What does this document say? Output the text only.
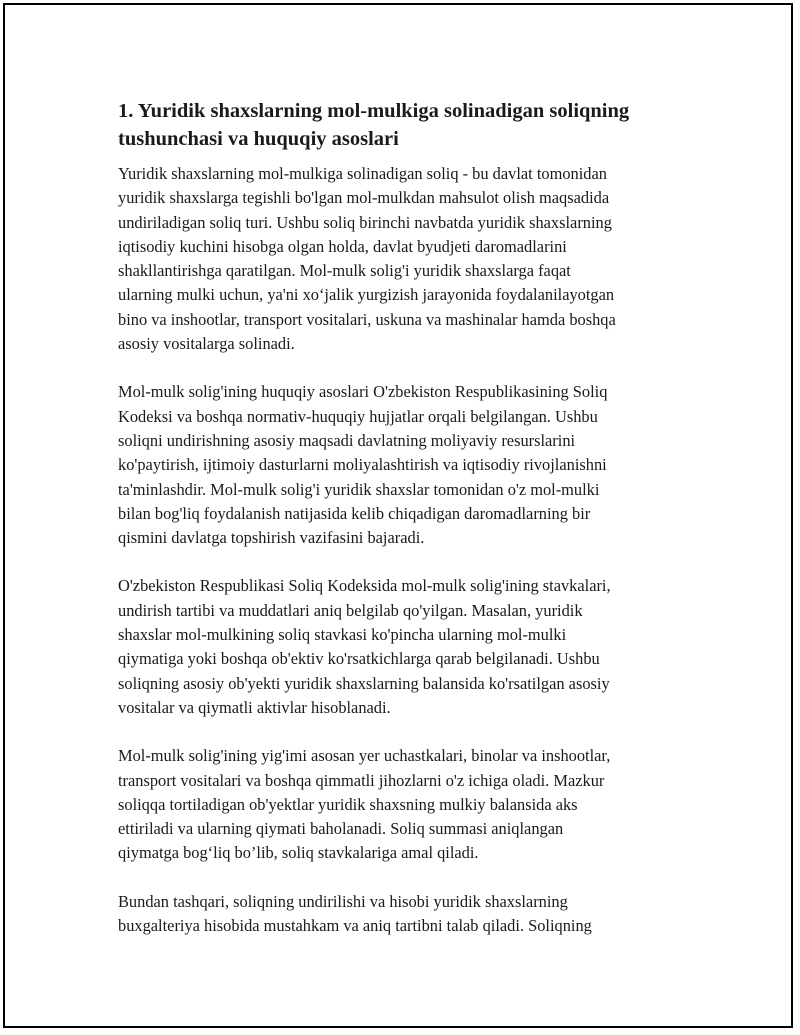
1. Yuridik shaxslarning mol-mulkiga solinadigan soliqning tushunchasi va huquqiy asoslari

Yuridik shaxslarning mol-mulkiga solinadigan soliq - bu davlat tomonidan
yuridik shaxslarga tegishli bo'lgan mol-mulkdan mahsulot olish maqsadida
undiriladigan soliq turi. Ushbu soliq birinchi navbatda yuridik shaxslarning
iqtisodiy kuchini hisobga olgan holda, davlat byudjeti daromadlarini
shakllantirishga qaratilgan. Mol-mulk solig'i yuridik shaxslarga faqat
ularning mulki uchun, ya'ni xo‘jalik yurgizish jarayonida foydalanilayotgan
bino va inshootlar, transport vositalari, uskuna va mashinalar hamda boshqa
asosiy vositalarga solinadi.

Mol-mulk solig'ining huquqiy asoslari O'zbekiston Respublikasining Soliq
Kodeksi va boshqa normativ-huquqiy hujjatlar orqali belgilangan. Ushbu
soliqni undirishning asosiy maqsadi davlatning moliyaviy resurslarini
ko'paytirish, ijtimoiy dasturlarni moliyalashtirish va iqtisodiy rivojlanishni
ta'minlashdir. Mol-mulk solig'i yuridik shaxslar tomonidan o'z mol-mulki
bilan bog'liq foydalanish natijasida kelib chiqadigan daromadlarning bir
qismini davlatga topshirish vazifasini bajaradi.

O'zbekiston Respublikasi Soliq Kodeksida mol-mulk solig'ining stavkalari,
undirish tartibi va muddatlari aniq belgilab qo'yilgan. Masalan, yuridik
shaxslar mol-mulkining soliq stavkasi ko'pincha ularning mol-mulki
qiymatiga yoki boshqa ob'ektiv ko'rsatkichlarga qarab belgilanadi. Ushbu
soliqning asosiy ob'yekti yuridik shaxslarning balansida ko'rsatilgan asosiy
vositalar va qiymatli aktivlar hisoblanadi.

Mol-mulk solig'ining yig'imi asosan yer uchastkalari, binolar va inshootlar,
transport vositalari va boshqa qimmatli jihozlarni o'z ichiga oladi. Mazkur
soliqqa tortiladigan ob'yektlar yuridik shaxsning mulkiy balansida aks
ettiriladi va ularning qiymati baholanadi. Soliq summasi aniqlangan
qiymatga bog‘liq bo’lib, soliq stavkalariga amal qiladi.

Bundan tashqari, soliqning undirilishi va hisobi yuridik shaxslarning
buxgalteriya hisobida mustahkam va aniq tartibni talab qiladi. Soliqning
